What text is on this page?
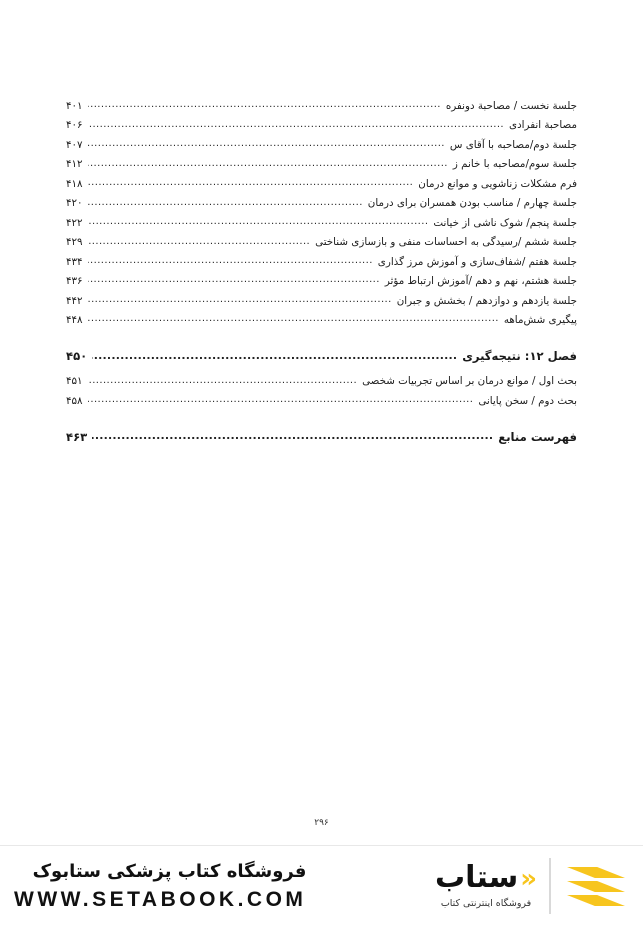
جلسة نخست / مصاحبة دونفره
.....
۴۰۱
مصاحبة انفرادی
.....
۴۰۶
جلسة دوم/مصاحبه با آقای س
.....
۴۰۷
جلسة سوم/مصاحبه با خانم ز
.....
۴۱۲
فرم مشکلات زناشویی و موانع درمان
.....
۴۱۸
جلسة چهارم / مناسب بودن همسران برای درمان
.....
۴۲۰
جلسة پنجم/ شوک ناشی از خیانت
.....
۴۲۲
جلسة ششم /رسیدگی به احساسات منفی و بازسازی شناختی
.....
۴۲۹
جلسة هفتم /شفاف‌سازی و آموزش مرز گذاری
.....
۴۳۴
جلسة هشتم، نهم و دهم /آموزش ارتباط مؤثر
.....
۴۳۶
جلسة یازدهم و دوازدهم / بخشش و جبران
.....
۴۴۲
پیگیری شش‌ماهه
.....
۴۴۸
فصل ۱۲: نتیجه‌گیری
.....
۴۵۰
بحث اول / موانع درمان بر اساس تجربیات شخصی
.....
۴۵۱
بحث دوم / سخن پایانی
.....
۴۵۸
فهرست منابع
.....
۴۶۳
۲۹۶
«ستاب
فروشگاه اینترنتی کتاب
فروشگاه کتاب پزشکی ستابوک
WWW.SETABOOK.COM
